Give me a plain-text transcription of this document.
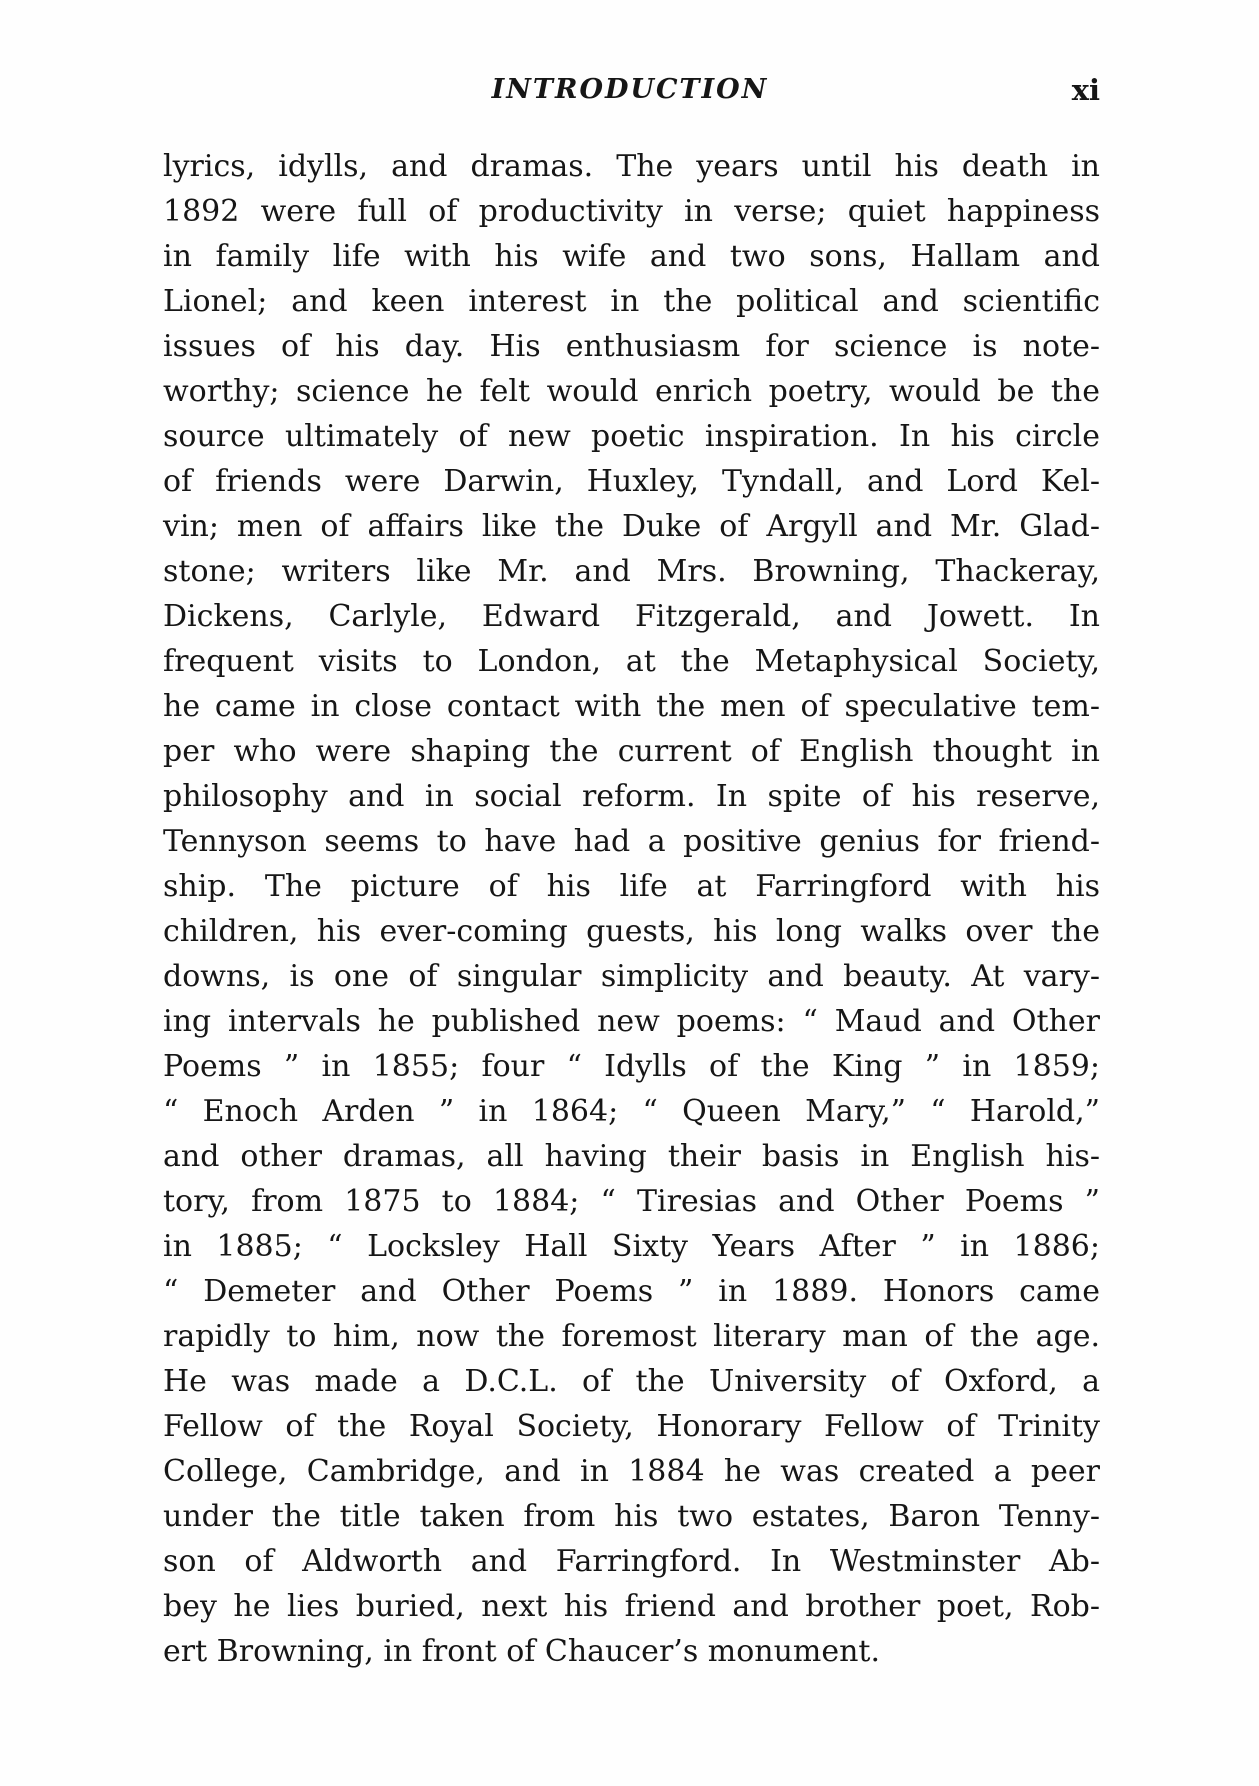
INTRODUCTION	xi
lyrics, idylls, and dramas. The years until his death in
1892 were full of productivity in verse; quiet happiness
in family life with his wife and two sons, Hallam and
Lionel; and keen interest in the political and scientific
issues of his day. His enthusiasm for science is note-
worthy; science he felt would enrich poetry, would be the
source ultimately of new poetic inspiration. In his circle
of friends were Darwin, Huxley, Tyndall, and Lord Kel-
vin; men of affairs like the Duke of Argyll and Mr. Glad-
stone; writers like Mr. and Mrs. Browning, Thackeray,
Dickens, Carlyle, Edward Fitzgerald, and Jowett. In
frequent visits to London, at the Metaphysical Society,
he came in close contact with the men of speculative tem-
per who were shaping the current of English thought in
philosophy and in social reform. In spite of his reserve,
Tennyson seems to have had a positive genius for friend-
ship. The picture of his life at Farringford with his
children, his ever-coming guests, his long walks over the
downs, is one of singular simplicity and beauty. At vary-
ing intervals he published new poems: “ Maud and Other
Poems ” in 1855; four “ Idylls of the King ” in 1859;
“ Enoch Arden ” in 1864; “ Queen Mary,” “ Harold,”
and other dramas, all having their basis in English his-
tory, from 1875 to 1884; “ Tiresias and Other Poems ”
in 1885; “ Locksley Hall Sixty Years After ” in 1886;
“ Demeter and Other Poems ” in 1889. Honors came
rapidly to him, now the foremost literary man of the age.
He was made a D.C.L. of the University of Oxford, a
Fellow of the Royal Society, Honorary Fellow of Trinity
College, Cambridge, and in 1884 he was created a peer
under the title taken from his two estates, Baron Tenny-
son of Aldworth and Farringford. In Westminster Ab-
bey he lies buried, next his friend and brother poet, Rob-
ert Browning, in front of Chaucer’s monument.
